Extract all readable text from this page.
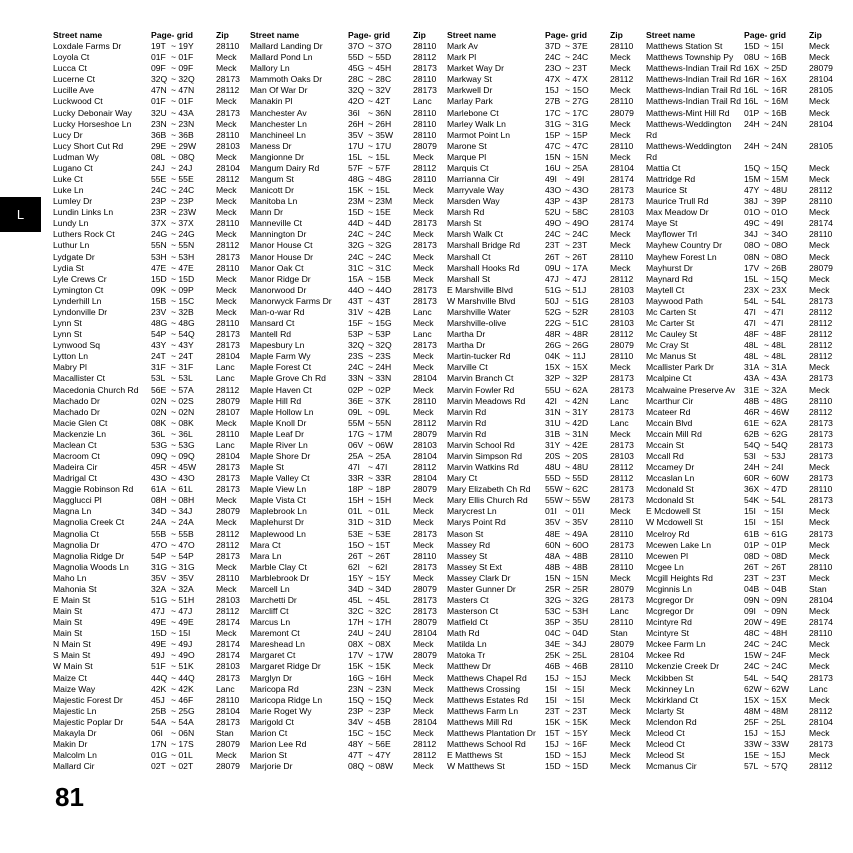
L
Street name	Page- grid	Zip
Loxdale Farms Dr	19T ~ 19Y	28110
Loyola Ct	01F ~ 01F	Meck
Lucca Ct	09F ~ 09F	Meck
Lucerne Ct	32Q ~ 32Q 28173
Lucille Ave	47N ~ 47N	28112
Luckwood Ct	01F ~ 01F	Meck
Lucky Debonair Way 32U ~ 43A	28173
Lucky Horseshoe Ln 23N ~ 23N	Meck
Lucy Dr	36B ~ 36B	28110
Lucy Short Cut Rd	29E ~ 29W 28103
Ludman Wy	08L ~ 08Q Meck
Lugano Ct	24J ~ 24J	28104
Luke Ct	55E ~ 55E	28112
Luke Ln	24C ~ 24C	Meck
Lumley Dr	23P ~ 23P	Meck
Lundin Links Ln	23R ~ 23W Meck
Lundy Ln	37X ~ 37X	28110
Luthers Rock Ct	24G ~ 24G Meck
Luthur Ln	55N ~ 55N	28112
Lydgate Dr	53H ~ 53H	28173
Lydia St	47E ~ 47E	28110
Lyle Crews Cr	15D ~ 15D	Meck
Lymington Ct	09K ~ 09P	Meck
Lynderhill Ln	15B ~ 15C	Meck
Lyndonville Dr	23V ~ 32B	Meck
Lynn St	48G ~ 48G 28110
Lynn St	54P ~ 54Q 28173
Lynwood Sq	43Y ~ 43Y	28173
Lytton Ln	24T ~ 24T	28104
Mabry Pl	31F ~ 31F	Lanc
Macallister Ct	53L ~ 53L	Lanc
Macedonia Church Rd 56E ~ 57A	28112
Machado Dr	02N ~ 02S	28079
Machado Dr	02N ~ 02N	28107
Macie Glen Ct	08K ~ 08K	Meck
Mackenzie Ln	36L ~ 36L	28110
Maclean Ct	53G ~ 53G Lanc
Macroom Ct	09Q ~ 09Q 28104
Madeira Cir	45R ~ 45W 28173
Madrigal Ct	43O ~ 43O 28173
Maggie Robinson Rd 61A ~ 61L	28173
Magglucci Pl	08H ~ 08H	Meck
Magna Ln	34D ~ 34J	28079
Magnolia Creek Ct	24A ~ 24A	Meck
Magnolia Ct	55B ~ 55B	28112
Magnolia Dr	47O ~ 47O 28112
Magnolia Ridge Dr	54P ~ 54P	28173
Magnolia Woods Ln	31G ~ 31G Meck
Maho Ln	35V ~ 35V	28110
Mahonia St	32A ~ 32A	Meck
E Main St	51G ~ 51H	28103
Main St	47J ~ 47J	28112
Main St	49E ~ 49E	28174
Main St	15D ~ 15I	Meck
N Main St	49E ~ 49J	28174
S Main St	49J ~ 49O 28174
W Main St	51F ~ 51K	28103
Maize Ct	44Q ~ 44Q 28173
Maize Way	42K ~ 42K	Lanc
Majestic Forest Dr	45J ~ 46F	28110
Majestic Ln	25B ~ 25G 28104
Majestic Poplar Dr	54A ~ 54A	28173
Makayla Dr	06I ~ 06N	Stan
Makin Dr	17N ~ 17S	28079
Malcolm Ln	01G ~ 01L	Meck
Mallard Cir	02T ~ 02T	28079
Street name	Page- grid	Zip
Mallard Landing Dr	37O ~ 37O 28110
Mallard Pond Ln	55D ~ 55D	28112
Mallory Ln	45G ~ 45H	28173
Mammoth Oaks Dr	28C ~ 28C	28110
Man Of War Dr	32Q ~ 32V	28173
Manakin Pl	42O ~ 42T	Lanc
Manchester Av	36I ~ 36N	28110
Manchester Ln	26H ~ 26H	28110
Manchineel Ln	35V ~ 35W 28110
Maness Dr	17U ~ 17U	28079
Mangionne Dr	15L ~ 15L	Meck
Mangum Dairy Rd	57F ~ 57F	28112
Mangum St	48G ~ 48G 28110
Manicott Dr	15K ~ 15L	Meck
Manitoba Ln	23M ~ 23M Meck
Mann Dr	15D ~ 15E	Meck
Manneville Ct	44D ~ 44D	28173
Mannington Dr	24C ~ 24C	Meck
Manor House Ct	32G ~ 32G 28173
Manor House Dr	24C ~ 24C	Meck
Manor Oak Ct	31C ~ 31C	Meck
Manor Ridge Dr	15A ~ 15B	Meck
Manorwood Dr	44O ~ 44O 28173
Manorwyck Farms Dr 43T ~ 43T	28173
Man-o-war Rd	31V ~ 42B	Lanc
Mansard Ct	15F ~ 15G Meck
Mantell Rd	53P ~ 53P	Lanc
Mapesbury Ln	32Q ~ 32Q 28173
Maple Farm Wy	23S ~ 23S	Meck
Maple Forest Ct	24C ~ 24H	Meck
Maple Grove Ch Rd	33N ~ 33N	28104
Maple Haven Ct	02P ~ 02P	Meck
Maple Hill Rd	36E ~ 37K	28110
Maple Hollow Ln	09L ~ 09L	Meck
Maple Knoll Dr	55M ~ 55N	28112
Maple Leaf Dr	17G ~ 17M 28079
Maple River Ln	06V ~ 06W 28103
Maple Shore Dr	25A ~ 25A	28104
Maple St	47I ~ 47I	28112
Maple Valley Ct	33R ~ 33R	28104
Maple View Ln	18P ~ 18P	28079
Maple Vista Ct	15H ~ 15H	Meck
Maplebrook Ln	01L ~ 01L	Meck
Maplehurst Dr	31D ~ 31D	Meck
Maplewood Ln	53E ~ 53E	28173
Mara Ct	15O ~ 15T	Meck
Mara Ln	26T ~ 26T	28110
Marble Clay Ct	62I ~ 62I	28173
Marblebrook Dr	15Y ~ 15Y	Meck
Marcell Ln	34D ~ 34D	28079
Marchetti Dr	45L ~ 45L	28173
Marcliff Ct	32C ~ 32C	28173
Marcus Ln	17H ~ 17H	28079
Maremont Ct	24U ~ 24U	28104
Mareshead Ln	08X ~ 08X	Meck
Margaret Ct	17V ~ 17W 28079
Margaret Ridge Dr	15K ~ 15K	Meck
Marglyn Dr	16G ~ 16H	Meck
Maricopa Rd	23N ~ 23N	Meck
Maricopa Ridge Ln	15Q ~ 15Q Meck
Marie Roget Wy	23P ~ 23P	Meck
Marigold Ct	34V ~ 45B	28104
Marion Ct	15C ~ 15C	Meck
Marion Lee Rd	48Y ~ 56E	28112
Marion St	47T ~ 47Y	28112
Marjorie Dr	08Q ~ 08W Meck
Street name	Page- grid	Zip
Mark Av	37D ~ 37E	28110
Mark Pl	24C ~ 24C	Meck
Market Way Dr	23O ~ 23T	Meck
Markway St	47X ~ 47X	28112
Markwell Dr	15J ~ 15O Meck
Marlay Park	27B ~ 27G 28110
Marlebone Ct	17C ~ 17C	28079
Marley Walk Ln	31G ~ 31G Meck
Marmot Point Ln	15P ~ 15P	Meck
Marone St	47C ~ 47C	28110
Marque Pl	15N ~ 15N	Meck
Marquis Ct	16U ~ 25A	28104
Marrianna Cir	49I ~ 49I	28174
Marryvale Way	43O ~ 43O 28173
Marsden Way	43P ~ 43P	28173
Marsh Rd	52U ~ 58C	28103
Marsh St	49O ~ 49O 28174
Marsh Walk Ct	24C ~ 24C	Meck
Marshall Bridge Rd	23T ~ 23T	Meck
Marshall Ct	26T ~ 26T	28110
Marshall Hooks Rd	09U ~ 17A	Meck
Marshall St	47J ~ 47J	28112
E Marshville Blvd	51G ~ 51J	28103
W Marshville Blvd	50J ~ 51G 28103
Marshville Water	52G ~ 52R	28103
Marshville-olive	22G ~ 51C	28103
Martha Dr	48R ~ 48R	28112
Martha Dr	26G ~ 26G 28079
Martin-tucker Rd	04K ~ 11J	28110
Marville Ct	15X ~ 15X	Meck
Marvin Branch Ct	32P ~ 32P	28173
Marvin Fowler Rd	55U ~ 62A	28173
Marvin Meadows Rd 42I ~ 42N	Lanc
Marvin Rd	31N ~ 31Y	28173
Marvin Rd	31U ~ 42D	Lanc
Marvin Rd	31B ~ 31N	Meck
Marvin School Rd	31Y ~ 42E	28173
Marvin Simpson Rd	20S ~ 20S	28103
Marvin Watkins Rd	48U ~ 48U	28112
Mary Ct	55D ~ 55D	28112
Mary Elizabeth Ch Rd 55W ~ 62C	28173
Mary Ellis Church Rd 55W ~ 55W 28173
Marycrest Ln	01I ~ 01I	Meck
Marys Point Rd	35V ~ 35V	28110
Mason St	48E ~ 49A	28110
Massey Rd	60N ~ 60O 28173
Massey St	48A ~ 48B	28110
Massey St Ext	48B ~ 48B	28110
Massey Clark Dr	15N ~ 15N	Meck
Master Gunner Dr	25R ~ 25R	28079
Masters Ct	32G ~ 32G 28173
Masterson Ct	53C ~ 53H	Lanc
Matfield Ct	35P ~ 35U	28110
Math Rd	04C ~ 04D	Stan
Matilda Ln	34E ~ 34J	28079
Matoka Tr	25K ~ 25L	28104
Matthew Dr	46B ~ 46B	28110
Matthews Chapel Rd 15J ~ 15J	Meck
Matthews Crossing	15I ~ 15I	Meck
Matthews Estates Rd 15I ~ 15I	Meck
Matthews Farm Ln	23T ~ 23T	Meck
Matthews Mill Rd	15K ~ 15K	Meck
Matthews Plantation Dr 15T ~ 15Y	Meck
Matthews School Rd 15J ~ 16F	Meck
E Matthews St	15D ~ 15J	Meck
W Matthews St	15D ~ 15D	Meck
Street name	Page- grid	Zip
Matthews Station St	15D ~ 15I	Meck
Matthews Township Py 08U ~ 16B	Meck
Matthews-Indian Trail Rd 16X ~ 25D	28079
Matthews-Indian Trail Rd 16R ~ 16X	28104
Matthews-Indian Trail Rd 16L ~ 16R	28105
Matthews-Indian Trail Rd 16L ~ 16M Meck
Matthews-Mint Hill Rd 01P ~ 16B	Meck
Matthews-Weddington 24H ~ 24N	28104
Rd
Matthews-Weddington 24H ~ 24N	28105
Rd
Mattia Ct	15Q ~ 15Q Meck
Mattridge Rd	15M ~ 15M Meck
Maurice St	47Y ~ 48U	28112
Maurice Trull Rd	38J ~ 39P	28110
Max Meadow Dr	01O ~ 01O Meck
Maye St	49C ~ 49I	28174
Mayflower Trl	34J ~ 34O 28110
Mayhew Country Dr	08O ~ 08O Meck
Mayhew Forest Ln	08N ~ 08O Meck
Mayhurst Dr	17V ~ 26B	28079
Maynard Rd	15L ~ 15Q Meck
Maytell Ct	23X ~ 23X	Meck
Maywood Path	54L ~ 54L	28173
Mc Carten St	47I ~ 47I	28112
Mc Carter St	47I ~ 47I	28112
Mc Cauley St	48F ~ 48F	28112
Mc Cray St	48L ~ 48L	28112
Mc Manus St	48L ~ 48L	28112
Mcallister Park Dr	31A ~ 31A	Meck
Mcalpine Ct	43A ~ 43A	28173
Mcalwaine Preserve Av 31E ~ 32A	Meck
Mcarthur Cir	48B ~ 48G 28110
Mcateer Rd	46R ~ 46W 28112
Mccain Blvd	61E ~ 62A	28173
Mccain Mill Rd	62B ~ 62G 28173
Mccain St	54Q ~ 54Q 28173
Mccall Rd	53I ~ 53J	28173
Mccamey Dr	24H ~ 24I	Meck
Mccaslan Ln	60R ~ 60W 28173
Mcdonald St	36X ~ 47D	28110
Mcdonald St	54K ~ 54L	28173
E Mcdowell St	15I ~ 15I	Meck
W Mcdowell St	15I ~ 15I	Meck
Mcelroy Rd	61B ~ 61G 28173
Mcewen Lake Ln	01P ~ 01P	Meck
Mcewen Pl	08D ~ 08D	Meck
Mcgee Ln	26T ~ 26T	28110
Mcgill Heights Rd	23T ~ 23T	Meck
Mcginnis Ln	04B ~ 04B	Stan
Mcgregor Dr	09N ~ 09N	28104
Mcgregor Dr	09I ~ 09N	Meck
Mcintyre Rd	20W ~ 49E	28174
Mcintyre St	48C ~ 48H	28110
Mckee Farm Ln	24C ~ 24C	Meck
Mckee Rd	15W ~ 24F	Meck
Mckenzie Creek Dr	24C ~ 24C	Meck
Mckibben St	54L ~ 54Q 28173
Mckinney Ln	62W ~ 62W Lanc
Mckirkland Ct	15X ~ 15X	Meck
Mclarty St	48M ~ 48M 28112
Mclendon Rd	25F ~ 25L	28104
Mcleod Ct	15J ~ 15J	Meck
Mcleod Ct	33W ~ 33W 28173
Mcleod St	15E ~ 15J	Meck
Mcmanus Cir	57L ~ 57Q 28112
81
